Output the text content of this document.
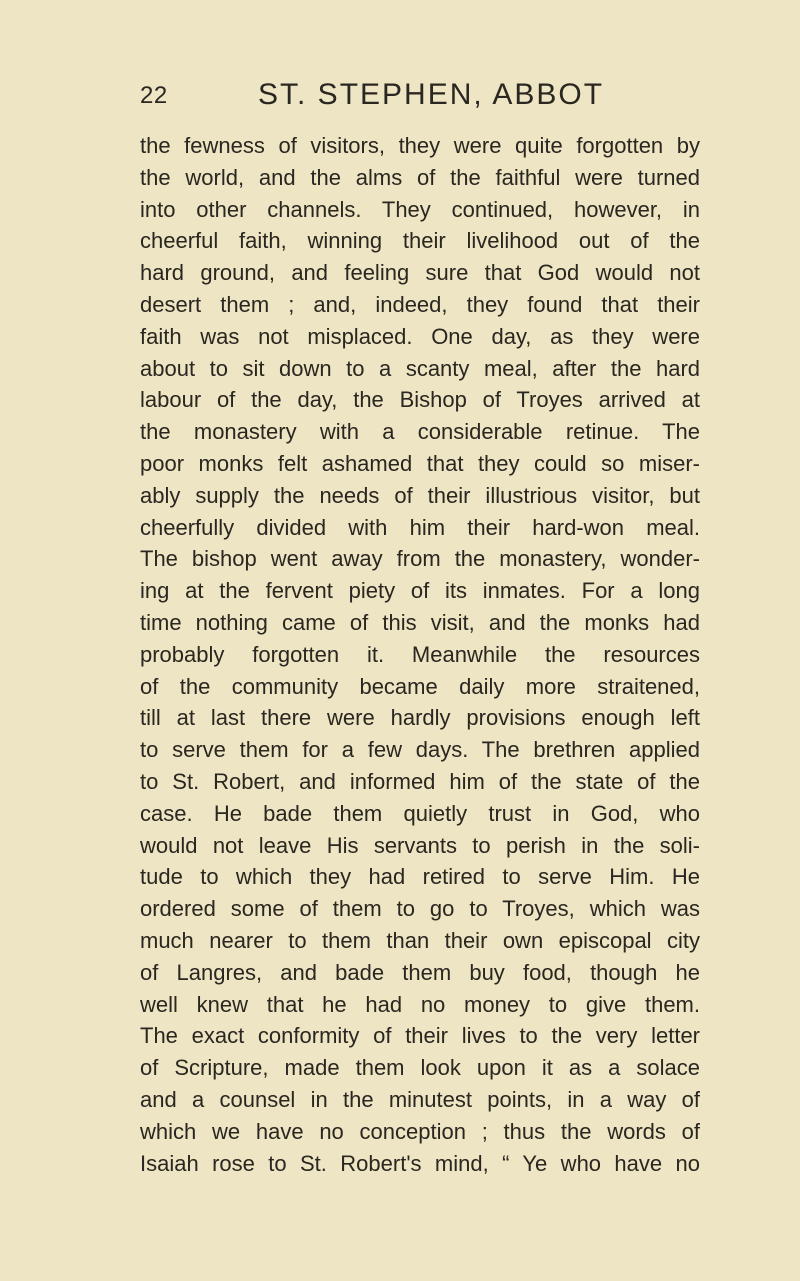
22	ST. STEPHEN, ABBOT
the fewness of visitors, they were quite forgotten by
the world, and the alms of the faithful were turned
into other channels. They continued, however, in
cheerful faith, winning their livelihood out of the
hard ground, and feeling sure that God would not
desert them ; and, indeed, they found that their
faith was not misplaced. One day, as they were
about to sit down to a scanty meal, after the hard
labour of the day, the Bishop of Troyes arrived at
the monastery with a considerable retinue. The
poor monks felt ashamed that they could so miser-
ably supply the needs of their illustrious visitor, but
cheerfully divided with him their hard-won meal.
The bishop went away from the monastery, wonder-
ing at the fervent piety of its inmates. For a long
time nothing came of this visit, and the monks had
probably forgotten it. Meanwhile the resources
of the community became daily more straitened,
till at last there were hardly provisions enough left
to serve them for a few days. The brethren applied
to St. Robert, and informed him of the state of the
case. He bade them quietly trust in God, who
would not leave His servants to perish in the soli-
tude to which they had retired to serve Him. He
ordered some of them to go to Troyes, which was
much nearer to them than their own episcopal city
of Langres, and bade them buy food, though he
well knew that he had no money to give them.
The exact conformity of their lives to the very letter
of Scripture, made them look upon it as a solace
and a counsel in the minutest points, in a way of
which we have no conception ; thus the words of
Isaiah rose to St. Robert's mind, “ Ye who have no
